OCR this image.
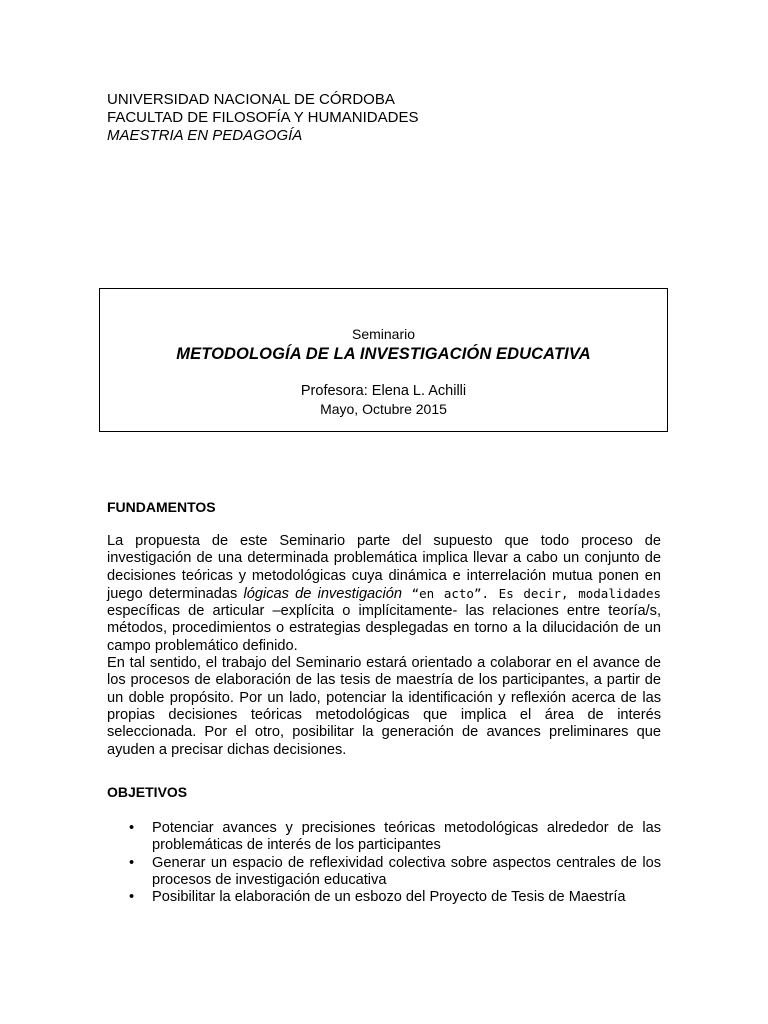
UNIVERSIDAD NACIONAL DE CÓRDOBA
FACULTAD DE FILOSOFÍA Y HUMANIDADES
MAESTRIA EN PEDAGOGÍA
Seminario
METODOLOGÍA DE LA INVESTIGACIÓN EDUCATIVA
Profesora: Elena L. Achilli
Mayo, Octubre 2015
FUNDAMENTOS

La propuesta de este Seminario parte del supuesto que todo proceso de investigación de una determinada problemática implica llevar a cabo un conjunto de decisiones teóricas y metodológicas cuya dinámica e interrelación mutua ponen en juego determinadas lógicas de investigación “en acto”. Es decir, modalidades específicas de articular –explícita o implícitamente- las relaciones entre teoría/s, métodos, procedimientos o estrategias desplegadas en torno a la dilucidación de un campo problemático definido.

En tal sentido, el trabajo del Seminario estará orientado a colaborar en el avance de los procesos de elaboración de las tesis de maestría de los participantes, a partir de un doble propósito. Por un lado, potenciar la identificación y reflexión acerca de las propias decisiones teóricas metodológicas que implica el área de interés seleccionada. Por el otro, posibilitar la generación de avances preliminares que ayuden a precisar dichas decisiones.

OBJETIVOS
• Potenciar avances y precisiones teóricas metodológicas alrededor de las problemáticas de interés de los participantes
• Generar un espacio de reflexividad colectiva sobre aspectos centrales de los procesos de investigación educativa
• Posibilitar la elaboración de un esbozo del Proyecto de Tesis de Maestría
